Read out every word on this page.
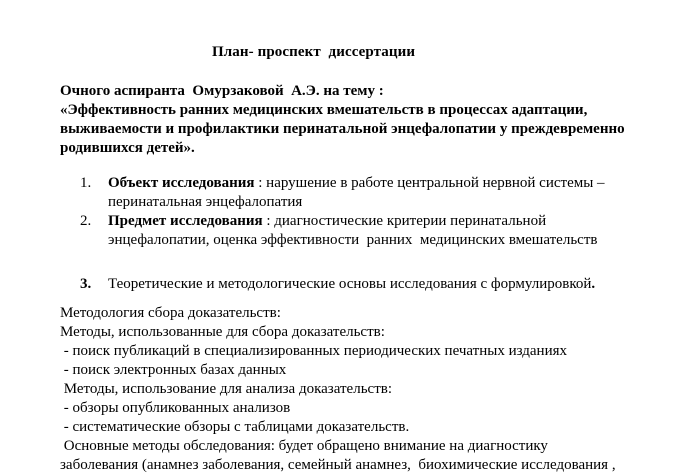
План- проспект  диссертации
Очного аспиранта  Омурзаковой  А.Э. на тему :
«Эффективность ранних медицинских вмешательств в процессах адаптации,
выживаемости и профилактики перинатальной энцефалопатии у преждевременно
родившихся детей».
1. Объект исследования : нарушение в работе центральной нервной системы –
перинатальная энцефалопатия
2. Предмет исследования : диагностические критерии перинатальной
энцефалопатии, оценка эффективности  ранних  медицинских вмешательств
3. Теоретические и методологические основы исследования с формулировкой.
Методология сбора доказательств:
Методы, использованные для сбора доказательств:
- поиск публикаций в специализированных периодических печатных изданиях
- поиск электронных базах данных
Методы, использование для анализа доказательств:
- обзоры опубликованных анализов
- систематические обзоры с таблицами доказательств.
Основные методы обследования: будет обращено внимание на диагностику
заболевания (анамнез заболевания, семейный анамнез,  биохимические исследования ,
